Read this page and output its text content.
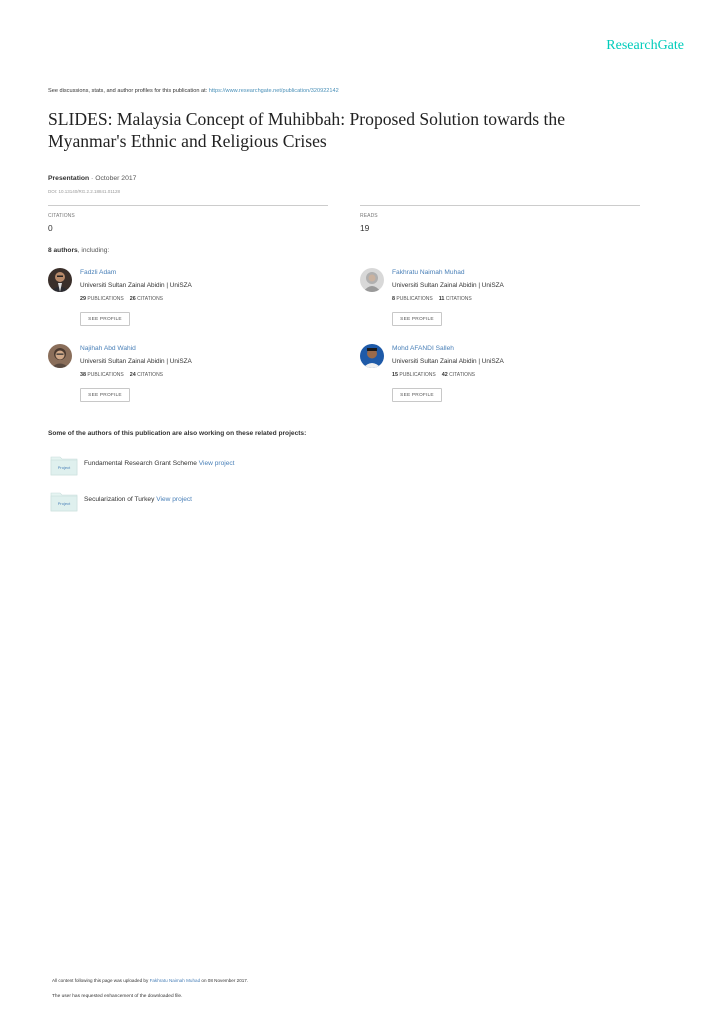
ResearchGate
See discussions, stats, and author profiles for this publication at: https://www.researchgate.net/publication/320922142
SLIDES: Malaysia Concept of Muhibbah: Proposed Solution towards the
Myanmar's Ethnic and Religious Crises
Presentation · October 2017
DOI: 10.13140/RG.2.2.18841.01128
CITATIONS
0
READS
19
8 authors, including:
Fadzli Adam
Universiti Sultan Zainal Abidin | UniSZA
29 PUBLICATIONS 26 CITATIONS
SEE PROFILE
Fakhratu Naimah Muhad
Universiti Sultan Zainal Abidin | UniSZA
8 PUBLICATIONS 11 CITATIONS
SEE PROFILE
Najihah Abd Wahid
Universiti Sultan Zainal Abidin | UniSZA
38 PUBLICATIONS 24 CITATIONS
SEE PROFILE
Mohd AFANDI Salleh
Universiti Sultan Zainal Abidin | UniSZA
15 PUBLICATIONS 42 CITATIONS
SEE PROFILE
Some of the authors of this publication are also working on these related projects:
Project
Fundamental Research Grant Scheme View project
Project
Secularization of Turkey View project
All content following this page was uploaded by Fakhratu Naimah Muhad on 08 November 2017.
The user has requested enhancement of the downloaded file.
